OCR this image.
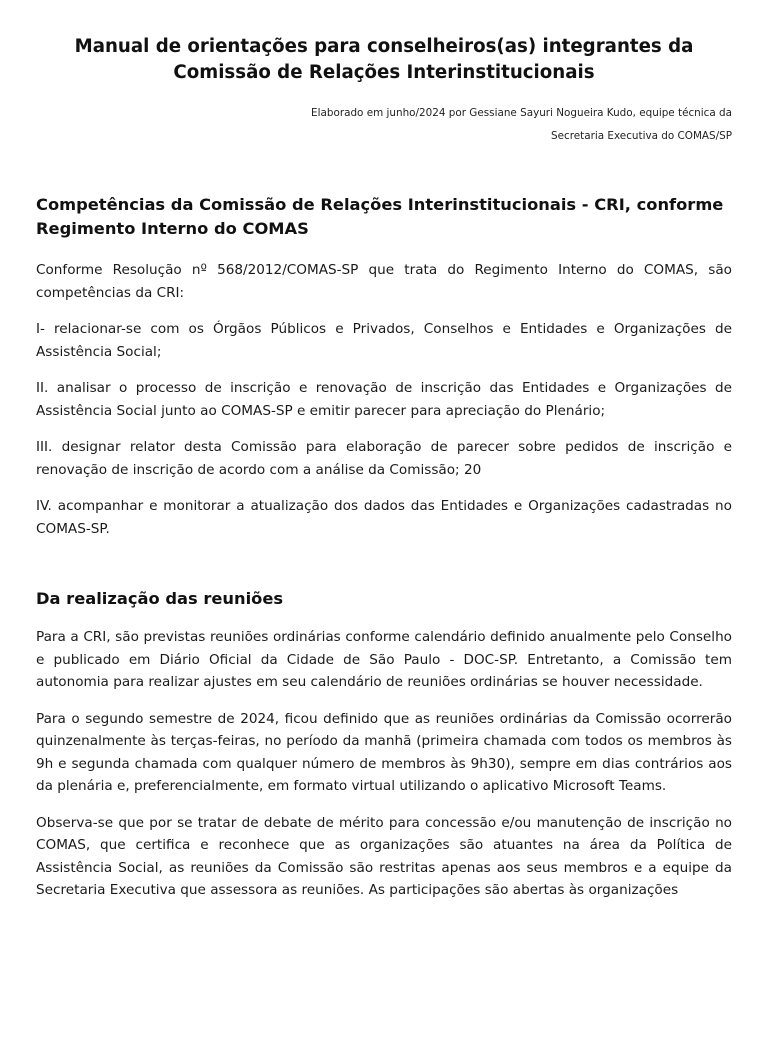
Manual de orientações para conselheiros(as) integrantes da
Comissão de Relações Interinstitucionais
Elaborado em junho/2024 por Gessiane Sayuri Nogueira Kudo, equipe técnica da
Secretaria Executiva do COMAS/SP
Competências da Comissão de Relações Interinstitucionais - CRI, conforme Regimento Interno do COMAS

Conforme Resolução nº 568/2012/COMAS-SP que trata do Regimento Interno do COMAS, são competências da CRI:

I- relacionar-se com os Órgãos Públicos e Privados, Conselhos e Entidades e Organizações de Assistência Social;

II. analisar o processo de inscrição e renovação de inscrição das Entidades e Organizações de Assistência Social junto ao COMAS-SP e emitir parecer para apreciação do Plenário;

III. designar relator desta Comissão para elaboração de parecer sobre pedidos de inscrição e renovação de inscrição de acordo com a análise da Comissão; 20

IV. acompanhar e monitorar a atualização dos dados das Entidades e Organizações cadastradas no COMAS-SP.

Da realização das reuniões

Para a CRI, são previstas reuniões ordinárias conforme calendário definido anualmente pelo Conselho e publicado em Diário Oficial da Cidade de São Paulo - DOC-SP. Entretanto, a Comissão tem autonomia para realizar ajustes em seu calendário de reuniões ordinárias se houver necessidade.

Para o segundo semestre de 2024, ficou definido que as reuniões ordinárias da Comissão ocorrerão quinzenalmente às terças-feiras, no período da manhã (primeira chamada com todos os membros às 9h e segunda chamada com qualquer número de membros às 9h30), sempre em dias contrários aos da plenária e, preferencialmente, em formato virtual utilizando o aplicativo Microsoft Teams.

Observa-se que por se tratar de debate de mérito para concessão e/ou manutenção de inscrição no COMAS, que certifica e reconhece que as organizações são atuantes na área da Política de Assistência Social, as reuniões da Comissão são restritas apenas aos seus membros e a equipe da Secretaria Executiva que assessora as reuniões. As participações são abertas às organizações
